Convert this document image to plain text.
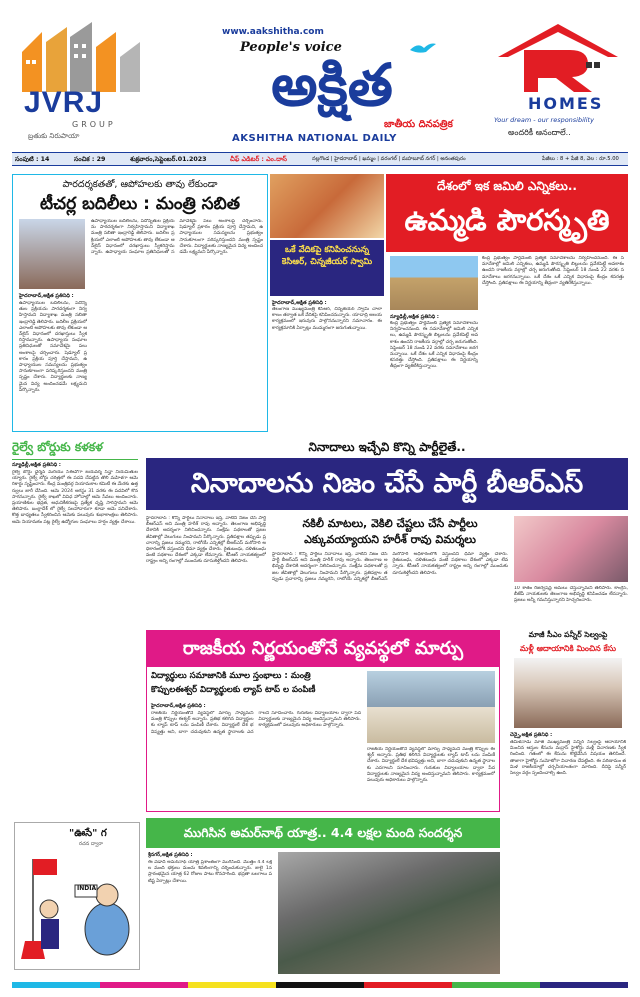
JVRJ
GROUP
బ్రతుకు నిరుపాయా
www.aakshitha.com
People's voice
అక్షిత
జాతీయ దినపత్రిక
AKSHITHA NATIONAL DAILY
HOMES
Your dream - our responsibility
అందరికీ ఆనందాలే..
సంపుటి : 14	సంచిక : 29	శుక్రవారం,సెప్టెంబర్.01.2023	చీఫ్ ఎడిటర్ : ఎం.దాస్	నల్లగొండ | హైదరాబాద్ | ఖమ్మం | వరంగల్ | మహబూబ్ నగర్ | అనంతపురం	పేజీలు : 8 + పేజీ 8, వెల : రూ.5.00
పారదర్శకతతో, ఆపోహలకు తావు లేకుండా
టీచర్ల బదిలీలు : మంత్రి సబిత
ఉపాధ్యాయుల బదిలీలను, పదోన్నతుల ప్రక్రియను పారదర్శకంగా నిర్వహిస్తామని విద్యాశాఖ మంత్రి సబితా ఇంద్రారెడ్డి తెలిపారు. బదిలీల ప్రక్రియలో ఎలాంటి అపోహలకు తావు లేకుండా ఆన్‌లైన్ విధానంలో దరఖాస్తులు స్వీకరిస్తామన్నారు. ఉపాధ్యాయ సంఘాల ప్రతినిధులతో సమావేశమై పలు అంశాలపై చర్చించారు. షెడ్యూల్ ప్రకారం ప్రక్రియ పూర్తి చేస్తామని, ఉపాధ్యాయుల సమస్యలను ప్రభుత్వం సానుకూలంగా పరిష్కరిస్తుందని మంత్రి స్పష్టం చేశారు. విద్యార్థులకు నాణ్యమైన విద్య అందించడమే లక్ష్యమని పేర్కొన్నారు.
హైదరాబాద్,అక్షిత ప్రతినిధి :
ఉపాధ్యాయుల బదిలీలను, పదోన్నతుల ప్రక్రియను పారదర్శకంగా నిర్వహిస్తామని విద్యాశాఖ మంత్రి సబితా ఇంద్రారెడ్డి తెలిపారు. బదిలీల ప్రక్రియలో ఎలాంటి అపోహలకు తావు లేకుండా ఆన్‌లైన్ విధానంలో దరఖాస్తులు స్వీకరిస్తామన్నారు. ఉపాధ్యాయ సంఘాల ప్రతినిధులతో సమావేశమై పలు అంశాలపై చర్చించారు. షెడ్యూల్ ప్రకారం ప్రక్రియ పూర్తి చేస్తామని, ఉపాధ్యాయుల సమస్యలను ప్రభుత్వం సానుకూలంగా పరిష్కరిస్తుందని మంత్రి స్పష్టం చేశారు. విద్యార్థులకు నాణ్యమైన విద్య అందించడమే లక్ష్యమని పేర్కొన్నారు.
ఒకే వేదికపై కనిపించనున్న కెసిఆర్, చిన్నజీయర్ స్వామి
హైదరాబాద్,అక్షిత ప్రతినిధి :
తెలంగాణ ముఖ్యమంత్రి కెసిఆర్, చిన్నజీయర్ స్వామి చాలా కాలం తర్వాత ఒకే వేదికపై కనిపించనున్నారు. యాదాద్రి ఆలయ కార్యక్రమంలో ఇరువురు పాల్గొననున్నారని సమాచారం. ఈ కార్యక్రమానికి ఏర్పాట్లు ముమ్మరంగా జరుగుతున్నాయి.
దేశంలో ఇక జమిలి ఎన్నికలు..
ఉమ్మడి పౌరస్మృతి
కేంద్ర ప్రభుత్వం పార్లమెంట్ ప్రత్యేక సమావేశాలను నిర్వహించనుంది. ఈ సమావేశాల్లో జమిలి ఎన్నికలు, ఉమ్మడి పౌరస్మృతి బిల్లులను ప్రవేశపెట్టే అవకాశం ఉందని రాజకీయ వర్గాల్లో చర్చ జరుగుతోంది. సెప్టెంబర్ 18 నుండి 22 వరకు సమావేశాలు జరగనున్నాయి. ఒకే దేశం ఒకే ఎన్నిక విధానంపై కేంద్రం కసరత్తు చేస్తోంది. ప్రతిపక్షాలు ఈ నిర్ణయాన్ని తీవ్రంగా వ్యతిరేకిస్తున్నాయి.
న్యూఢిల్లీ,అక్షిత ప్రతినిధి :
కేంద్ర ప్రభుత్వం పార్లమెంట్ ప్రత్యేక సమావేశాలను నిర్వహించనుంది. ఈ సమావేశాల్లో జమిలి ఎన్నికలు, ఉమ్మడి పౌరస్మృతి బిల్లులను ప్రవేశపెట్టే అవకాశం ఉందని రాజకీయ వర్గాల్లో చర్చ జరుగుతోంది. సెప్టెంబర్ 18 నుండి 22 వరకు సమావేశాలు జరగనున్నాయి. ఒకే దేశం ఒకే ఎన్నిక విధానంపై కేంద్రం కసరత్తు చేస్తోంది. ప్రతిపక్షాలు ఈ నిర్ణయాన్ని తీవ్రంగా వ్యతిరేకిస్తున్నాయి.
రైల్వే బోర్డుకు కళకళ
న్యూఢిల్లీ,అక్షిత ప్రతినిధి :
రైల్వే బోర్డు ఛైర్మన్ మరియు సీఈవోగా జయవర్మ సిన్హా నియమితులయ్యారు. రైల్వే బోర్డు చరిత్రలో ఈ పదవి చేపట్టిన తొలి మహిళగా ఆమె రికార్డు సృష్టించారు. కేంద్ర మంత్రివర్గ నియామకాల కమిటీ ఈ మేరకు ఉత్తర్వులు జారీ చేసింది. ఆమె 2024 ఆగస్టు 31 వరకు ఈ పదవిలో కొనసాగనున్నారు. రైల్వే శాఖలో వివిధ హోదాల్లో ఆమె సేవలు అందించారు. ప్రయాణికుల భద్రత, ఆధునికీకరణపై ప్రత్యేక దృష్టి సారిస్తామని ఆమె తెలిపారు. బంగ్లాదేశ్ లో రైల్వే సలహాదారుగా కూడా ఆమె పనిచేశారు. కొత్త బాధ్యతలు స్వీకరించిన ఆమెకు పలువురు శుభాకాంక్షలు తెలిపారు. ఆమె నియామకం పట్ల రైల్వే ఉద్యోగుల సంఘాలు హర్షం వ్యక్తం చేశాయి.
నినాదాలు ఇచ్చేవి కొన్ని పార్టీలైతే..
నినాదాలను నిజం చేసే పార్టీ బీఆర్ఎస్
హైదరాబాద్ : కొన్ని పార్టీలు నినాదాలు ఇస్తే, వాటిని నిజం చేసే పార్టీ బీఆర్ఎస్ అని మంత్రి హరీశ్ రావు అన్నారు. తెలంగాణ అభివృద్ధి దేశానికి ఆదర్శంగా నిలిచిందన్నారు. సంక్షేమ పథకాలతో ప్రజల జీవితాల్లో వెలుగులు నింపామని పేర్కొన్నారు. ప్రతిపక్షాల తప్పుడు ప్రచారాన్ని ప్రజలు నమ్మరని, రాబోయే ఎన్నికల్లో బీఆర్ఎస్ మరోసారి అధికారంలోకి వస్తుందని ధీమా వ్యక్తం చేశారు. రైతుబంధు, దళితబంధు వంటి పథకాలు దేశంలో ఎక్కడా లేవన్నారు. కేసీఆర్ నాయకత్వంలో రాష్ట్రం అన్ని రంగాల్లో ముందుకు దూసుకెళ్తోందని తెలిపారు.
నకిలీ మాటలు, వెకిలి చేష్టలు చేసే పార్టీలు ఎక్కువయ్యాయని హరీశ్ రావు విమర్శలు
హైదరాబాద్ : కొన్ని పార్టీలు నినాదాలు ఇస్తే, వాటిని నిజం చేసే పార్టీ బీఆర్ఎస్ అని మంత్రి హరీశ్ రావు అన్నారు. తెలంగాణ అభివృద్ధి దేశానికి ఆదర్శంగా నిలిచిందన్నారు. సంక్షేమ పథకాలతో ప్రజల జీవితాల్లో వెలుగులు నింపామని పేర్కొన్నారు. ప్రతిపక్షాల తప్పుడు ప్రచారాన్ని ప్రజలు నమ్మరని, రాబోయే ఎన్నికల్లో బీఆర్ఎస్ మరోసారి అధికారంలోకి వస్తుందని ధీమా వ్యక్తం చేశారు. రైతుబంధు, దళితబంధు వంటి పథకాలు దేశంలో ఎక్కడా లేవన్నారు. కేసీఆర్ నాయకత్వంలో రాష్ట్రం అన్ని రంగాల్లో ముందుకు దూసుకెళ్తోందని తెలిపారు.
10 శాతం రిజర్వేషన్ల అమలు చేస్తున్నామని తెలిపారు. కాంగ్రెస్, బీజేపీ నాయకులకు తెలంగాణ అభివృద్ధి కనిపించడం లేదన్నారు. ప్రజలు అన్నీ గమనిస్తున్నారని హెచ్చరించారు.
రాజకీయ నిర్ణయంతోనే వ్యవస్థలో మార్పు
విద్యార్థులు సమాజానికి మూల స్తంభాలు : మంత్రి
కొప్పులఈశ్వర్ విద్యార్థులకు ల్యాప్ టాప్ ల పంపిణీ
హైదరాబాద్,అక్షిత ప్రతినిధి :
రాజకీయ నిర్ణయంతోనే వ్యవస్థలో మార్పు సాధ్యమని మంత్రి కొప్పుల ఈశ్వర్ అన్నారు. ప్రతిభ కలిగిన విద్యార్థులకు ల్యాప్ టాప్ లను పంపిణీ చేశారు. విద్యార్థులే దేశ భవిష్యత్తు అని, బాగా చదువుకుని ఉన్నత స్థానాలకు ఎదగాలని సూచించారు. గురుకుల విద్యాలయాల ద్వారా పేద విద్యార్థులకు నాణ్యమైన విద్య అందిస్తున్నామని తెలిపారు. కార్యక్రమంలో పలువురు అధికారులు పాల్గొన్నారు.
రాజకీయ నిర్ణయంతోనే వ్యవస్థలో మార్పు సాధ్యమని మంత్రి కొప్పుల ఈశ్వర్ అన్నారు. ప్రతిభ కలిగిన విద్యార్థులకు ల్యాప్ టాప్ లను పంపిణీ చేశారు. విద్యార్థులే దేశ భవిష్యత్తు అని, బాగా చదువుకుని ఉన్నత స్థానాలకు ఎదగాలని సూచించారు. గురుకుల విద్యాలయాల ద్వారా పేద విద్యార్థులకు నాణ్యమైన విద్య అందిస్తున్నామని తెలిపారు. కార్యక్రమంలో పలువురు అధికారులు పాల్గొన్నారు.
మాజీ సీఎం పన్నీర్ సెల్వంపై
మళ్లీ ఆదాయానికి మించిన కేసు
చెన్నై,అక్షిత ప్రతినిధి :
తమిళనాడు మాజీ ముఖ్యమంత్రి పన్నీర్ సెల్వంపై ఆదాయానికి మించిన ఆస్తుల కేసును మద్రాస్ హైకోర్టు మళ్లీ విచారణకు స్వీకరించింది. గతంలో ఈ కేసును కొట్టివేసిన విషయం తెలిసిందే. తాజాగా హైకోర్టు సుమోటోగా విచారణ చేపట్టింది. ఈ పరిణామం తమిళ రాజకీయాల్లో చర్చనీయాంశంగా మారింది. దీనిపై పన్నీర్ సెల్వం వర్గం స్పందించాల్సి ఉంది.
"ఊసే" గ
రచన ద్వారా
INDIA
ముగిసిన అమర్‌నాథ్ యాత్ర.. 4.4 లక్షల మంది సందర్శన
శ్రీనగర్,అక్షిత ప్రతినిధి :
ఈ ఏడాది అమర్‌నాథ్ యాత్ర ప్రశాంతంగా ముగిసింది. మొత్తం 4.4 లక్షల మంది భక్తులు మంచు శివలింగాన్ని దర్శించుకున్నారు. జులై 1న ప్రారంభమైన యాత్ర 62 రోజుల పాటు కొనసాగింది. భద్రతా బలగాలు పటిష్ట ఏర్పాట్లు చేశాయి.
